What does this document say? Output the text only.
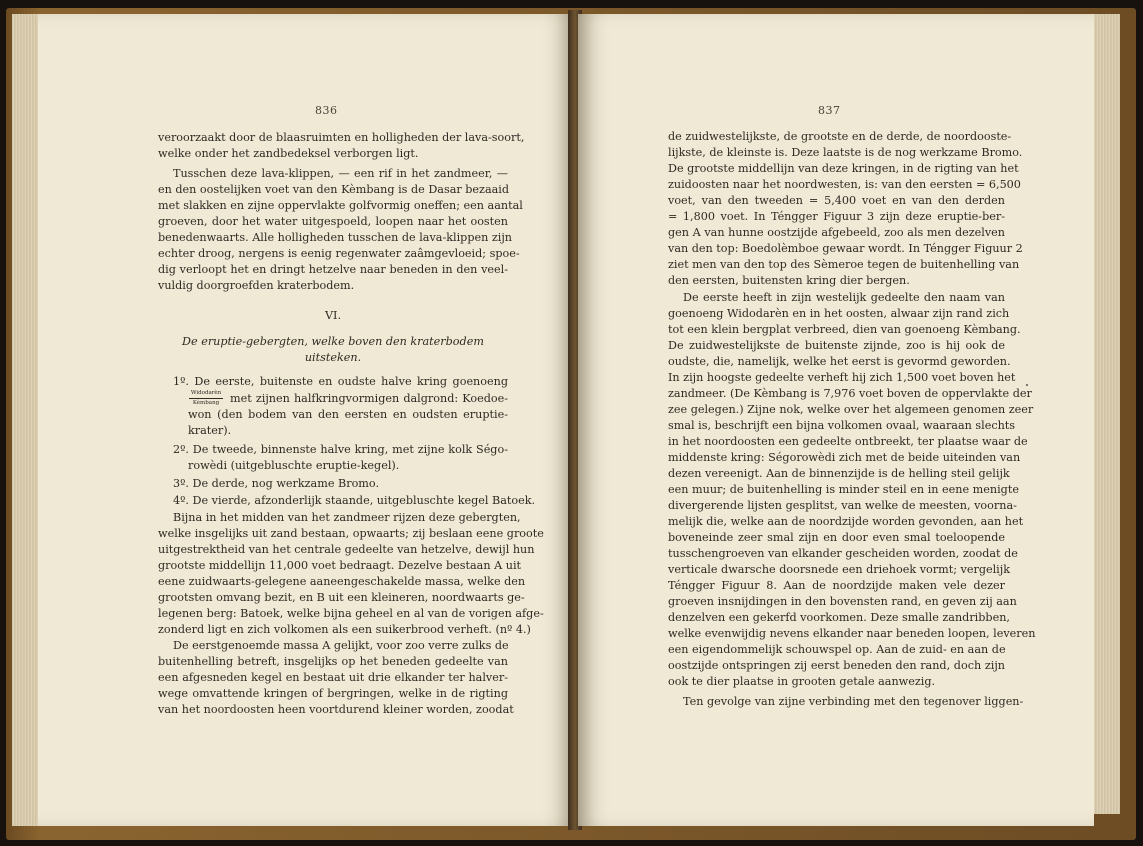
836
veroorzaakt door de blaasruimten en holligheden der lava-soort,
welke onder het zandbedeksel verborgen ligt.
Tusschen deze lava-klippen, — een rif in het zandmeer, —
en den oostelijken voet van den Kèmbang is de Dasar bezaaid
met slakken en zijne oppervlakte golfvormig oneffen; een aantal
groeven, door het water uitgespoeld, loopen naar het oosten
benedenwaarts. Alle holligheden tusschen de lava-klippen zijn
echter droog, nergens is eenig regenwater zaâmgevloeid; spoe-
dig verloopt het en dringt hetzelve naar beneden in den veel-
vuldig doorgroefden kraterbodem.
VI.
De eruptie-gebergten, welke boven den kraterbodem
uitsteken.
1º. De eerste, buitenste en oudste halve kring goenoeng
Widodarèn
Kèmbang met zijnen halfkringvormigen dalgrond: Koedoe-
won (den bodem van den eersten en oudsten eruptie-
krater).
2º. De tweede, binnenste halve kring, met zijne kolk Ségo-
rowèdi (uitgebluschte eruptie-kegel).
3º. De derde, nog werkzame Bromo.
4º. De vierde, afzonderlijk staande, uitgebluschte kegel Batoek.
Bijna in het midden van het zandmeer rijzen deze gebergten,
welke insgelijks uit zand bestaan, opwaarts; zij beslaan eene groote
uitgestrektheid van het centrale gedeelte van hetzelve, dewijl hun
grootste middellijn 11,000 voet bedraagt. Dezelve bestaan A uit
eene zuidwaarts-gelegene aaneengeschakelde massa, welke den
grootsten omvang bezit, en B uit een kleineren, noordwaarts ge-
legenen berg: Batoek, welke bijna geheel en al van de vorigen afge-
zonderd ligt en zich volkomen als een suikerbrood verheft. (nº 4.)
De eerstgenoemde massa A gelijkt, voor zoo verre zulks de
buitenhelling betreft, insgelijks op het beneden gedeelte van
een afgesneden kegel en bestaat uit drie elkander ter halver-
wege omvattende kringen of bergringen, welke in de rigting
van het noordoosten heen voortdurend kleiner worden, zoodat
837
de zuidwestelijkste, de grootste en de derde, de noordooste-
lijkste, de kleinste is. Deze laatste is de nog werkzame Bromo.
De grootste middellijn van deze kringen, in de rigting van het
zuidoosten naar het noordwesten, is: van den eersten = 6,500
voet, van den tweeden = 5,400 voet en van den derden
= 1,800 voet. In Téngger Figuur 3 zijn deze eruptie-ber-
gen A van hunne oostzijde afgebeeld, zoo als men dezelven
van den top: Boedolèmboe gewaar wordt. In Téngger Figuur 2
ziet men van den top des Sèmeroe tegen de buitenhelling van
den eersten, buitensten kring dier bergen.
De eerste heeft in zijn westelijk gedeelte den naam van
goenoeng Widodarèn en in het oosten, alwaar zijn rand zich
tot een klein bergplat verbreed, dien van goenoeng Kèmbang.
De zuidwestelijkste de buitenste zijnde, zoo is hij ook de
oudste, die, namelijk, welke het eerst is gevormd geworden.
In zijn hoogste gedeelte verheft hij zich 1,500 voet boven het
zandmeer. (De Kèmbang is 7,976 voet boven de oppervlakte der
zee gelegen.) Zijne nok, welke over het algemeen genomen zeer
smal is, beschrijft een bijna volkomen ovaal, waaraan slechts
in het noordoosten een gedeelte ontbreekt, ter plaatse waar de
middenste kring: Ségorowèdi zich met de beide uiteinden van
dezen vereenigt. Aan de binnenzijde is de helling steil gelijk
een muur; de buitenhelling is minder steil en in eene menigte
divergerende lijsten gesplitst, van welke de meesten, voorna-
melijk die, welke aan de noordzijde worden gevonden, aan het
boveneinde zeer smal zijn en door even smal toeloopende
tusschengroeven van elkander gescheiden worden, zoodat de
verticale dwarsche doorsnede een driehoek vormt; vergelijk
Téngger Figuur 8. Aan de noordzijde maken vele dezer
groeven insnijdingen in den bovensten rand, en geven zij aan
denzelven een gekerfd voorkomen. Deze smalle zandribben,
welke evenwijdig nevens elkander naar beneden loopen, leveren
een eigendommelijk schouwspel op. Aan de zuid- en aan de
oostzijde ontspringen zij eerst beneden den rand, doch zijn
ook te dier plaatse in grooten getale aanwezig.
Ten gevolge van zijne verbinding met den tegenover liggen-
